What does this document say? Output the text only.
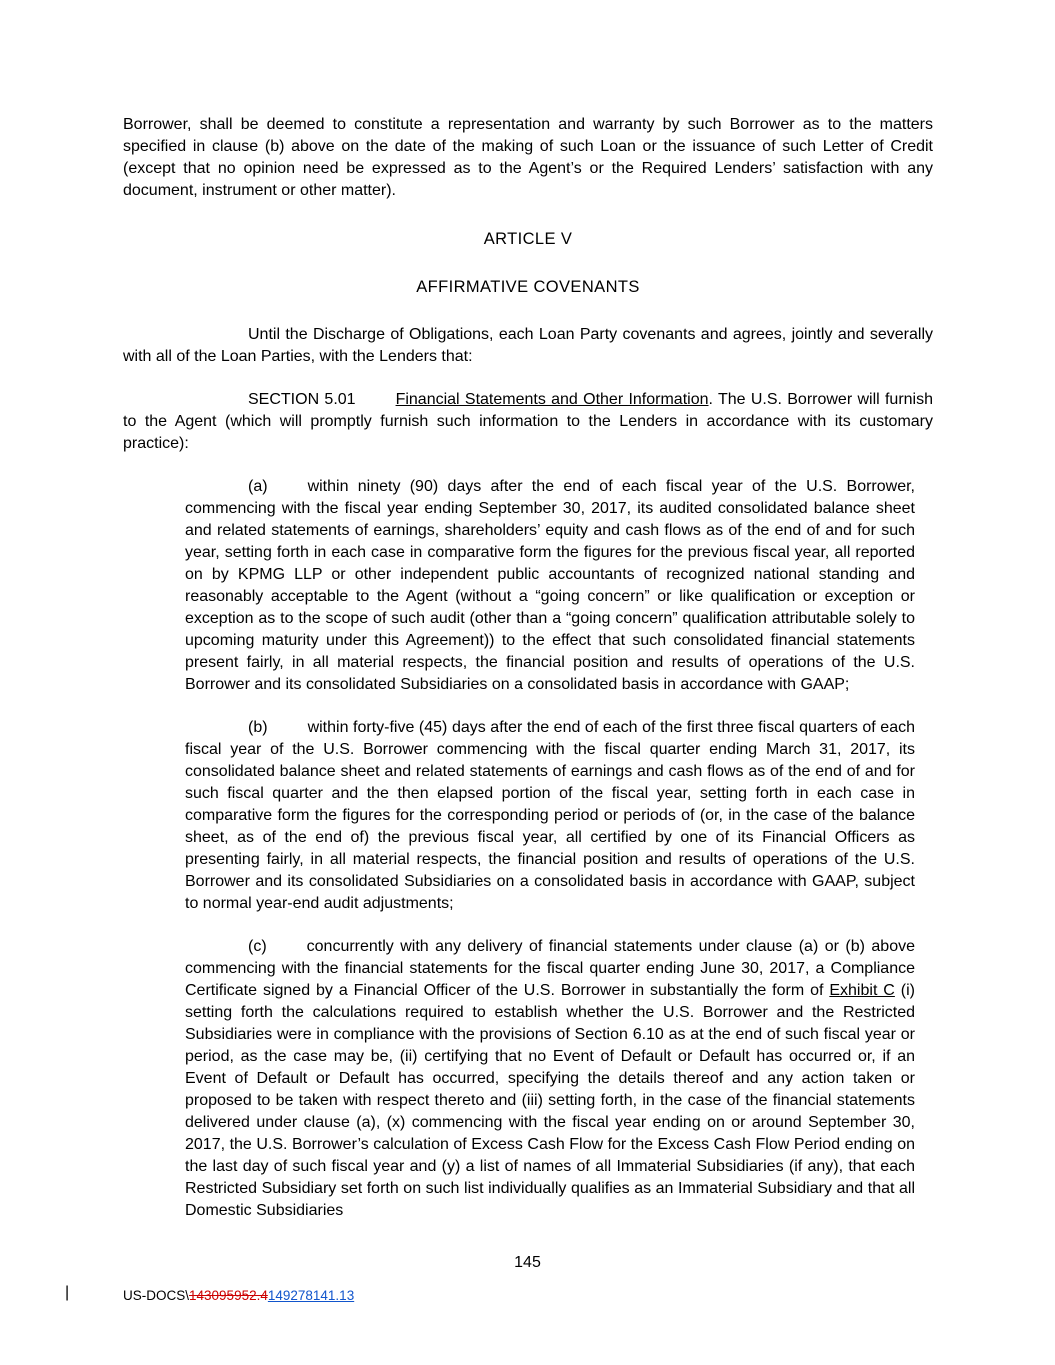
Borrower, shall be deemed to constitute a representation and warranty by such Borrower as to the matters specified in clause (b) above on the date of the making of such Loan or the issuance of such Letter of Credit (except that no opinion need be expressed as to the Agent’s or the Required Lenders’ satisfaction with any document, instrument or other matter).

ARTICLE V
AFFIRMATIVE COVENANTS

Until the Discharge of Obligations, each Loan Party covenants and agrees, jointly and severally with all of the Loan Parties, with the Lenders that:

SECTION 5.01	Financial Statements and Other Information. The U.S. Borrower will furnish to the Agent (which will promptly furnish such information to the Lenders in accordance with its customary practice):

(a)	within ninety (90) days after the end of each fiscal year of the U.S. Borrower, commencing with the fiscal year ending September 30, 2017, its audited consolidated balance sheet and related statements of earnings, shareholders’ equity and cash flows as of the end of and for such year, setting forth in each case in comparative form the figures for the previous fiscal year, all reported on by KPMG LLP or other independent public accountants of recognized national standing and reasonably acceptable to the Agent (without a “going concern” or like qualification or exception or exception as to the scope of such audit (other than a “going concern” qualification attributable solely to upcoming maturity under this Agreement)) to the effect that such consolidated financial statements present fairly, in all material respects, the financial position and results of operations of the U.S. Borrower and its consolidated Subsidiaries on a consolidated basis in accordance with GAAP;

(b)	within forty-five (45) days after the end of each of the first three fiscal quarters of each fiscal year of the U.S. Borrower commencing with the fiscal quarter ending March 31, 2017, its consolidated balance sheet and related statements of earnings and cash flows as of the end of and for such fiscal quarter and the then elapsed portion of the fiscal year, setting forth in each case in comparative form the figures for the corresponding period or periods of (or, in the case of the balance sheet, as of the end of) the previous fiscal year, all certified by one of its Financial Officers as presenting fairly, in all material respects, the financial position and results of operations of the U.S. Borrower and its consolidated Subsidiaries on a consolidated basis in accordance with GAAP, subject to normal year-end audit adjustments;

(c)	concurrently with any delivery of financial statements under clause (a) or (b) above commencing with the financial statements for the fiscal quarter ending June 30, 2017, a Compliance Certificate signed by a Financial Officer of the U.S. Borrower in substantially the form of Exhibit C (i) setting forth the calculations required to establish whether the U.S. Borrower and the Restricted Subsidiaries were in compliance with the provisions of Section 6.10 as at the end of such fiscal year or period, as the case may be, (ii) certifying that no Event of Default or Default has occurred or, if an Event of Default or Default has occurred, specifying the details thereof and any action taken or proposed to be taken with respect thereto and (iii) setting forth, in the case of the financial statements delivered under clause (a), (x) commencing with the fiscal year ending on or around September 30, 2017, the U.S. Borrower’s calculation of Excess Cash Flow for the Excess Cash Flow Period ending on the last day of such fiscal year and (y) a list of names of all Immaterial Subsidiaries (if any), that each Restricted Subsidiary set forth on such list individually qualifies as an Immaterial Subsidiary and that all Domestic Subsidiaries

145
|	US-DOCS\143095952.4149278141.13
